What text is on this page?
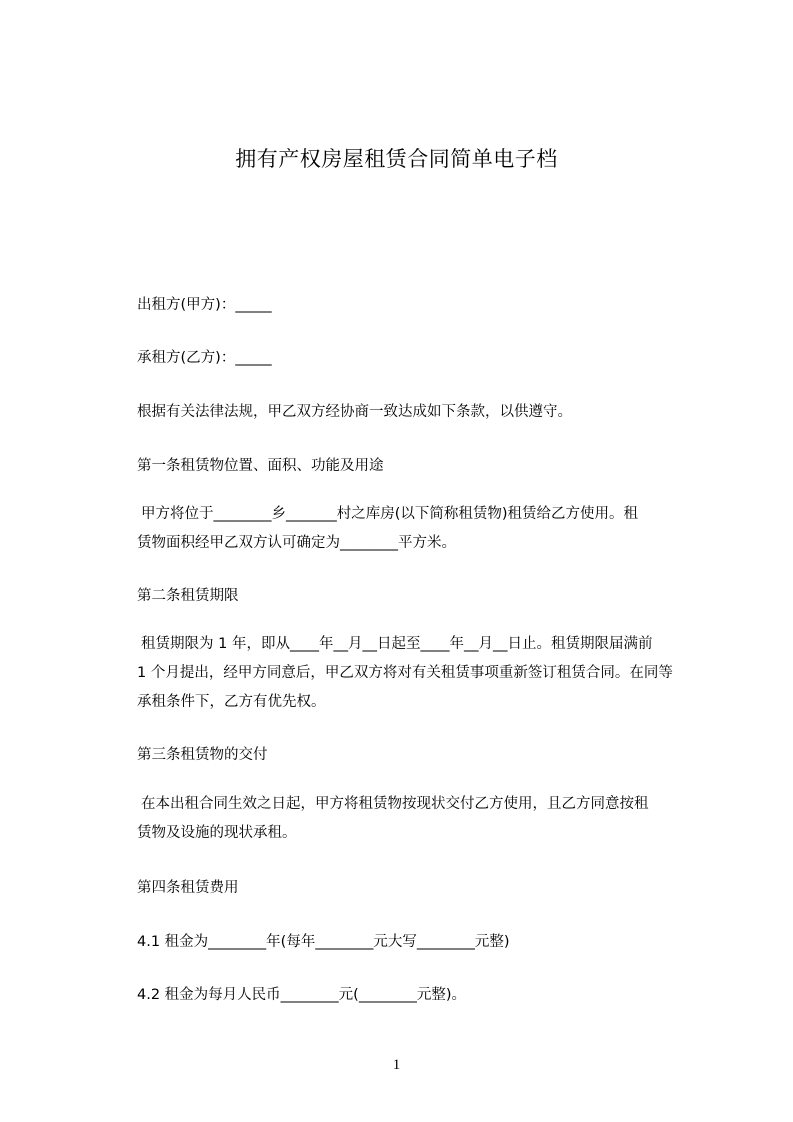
拥有产权房屋租赁合同简单电子档
出租方(甲方)：_____
承租方(乙方)：_____
根据有关法律法规，甲乙双方经协商一致达成如下条款，以供遵守。
第一条租赁物位置、面积、功能及用途
甲方将位于________乡_______村之库房(以下简称租赁物)租赁给乙方使用。租
赁物面积经甲乙双方认可确定为________平方米。
第二条租赁期限
租赁期限为 1 年，即从____年__月__日起至____年__月__日止。租赁期限届满前
1 个月提出，经甲方同意后，甲乙双方将对有关租赁事项重新签订租赁合同。在同等
承租条件下，乙方有优先权。
第三条租赁物的交付
在本出租合同生效之日起，甲方将租赁物按现状交付乙方使用，且乙方同意按租
赁物及设施的现状承租。
第四条租赁费用
4.1 租金为________年(每年________元大写________元整)
4.2 租金为每月人民币________元(________元整)。
1
